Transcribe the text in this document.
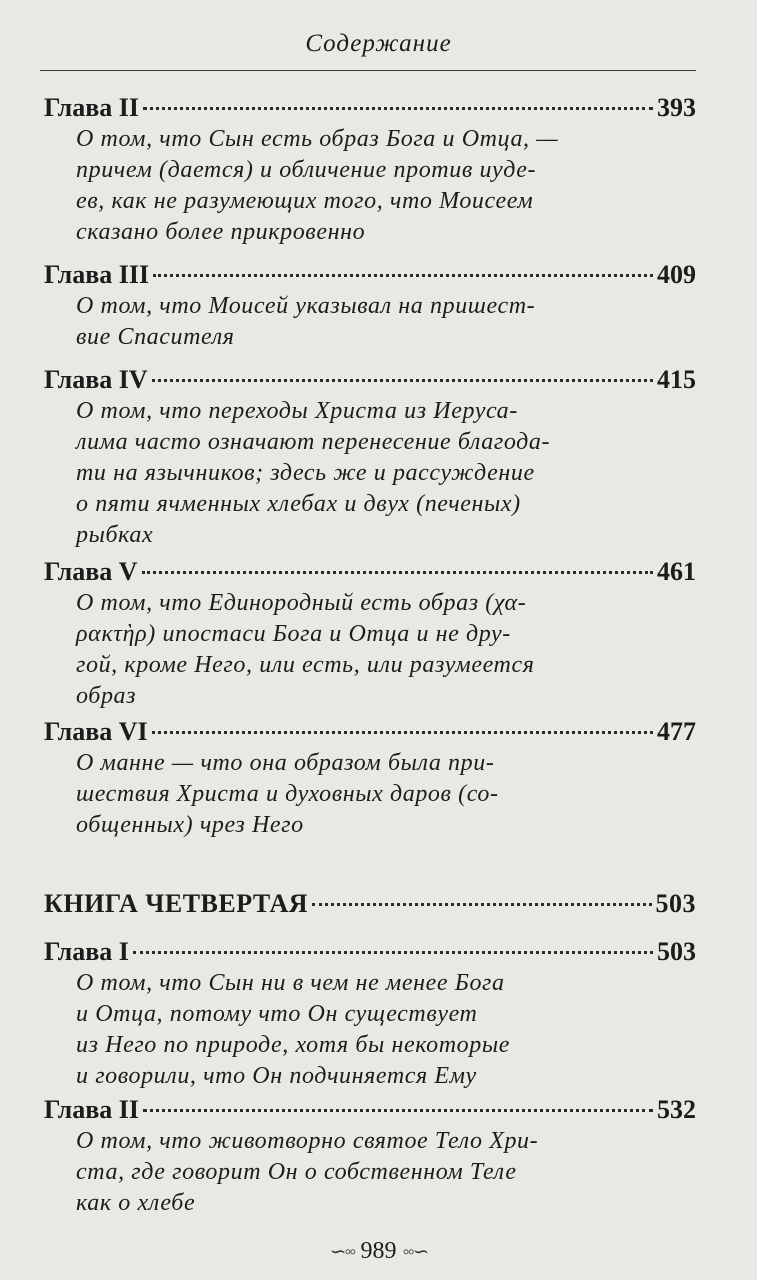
Содержание
Глава II	393
О том, что Сын есть образ Бога и Отца, —
причем (дается) и обличение против иуде-
ев, как не разумеющих того, что Моисеем
сказано более прикровенно
Глава III	409
О том, что Моисей указывал на пришест-
вие Спасителя
Глава IV	415
О том, что переходы Христа из Иеруса-
лима часто означают перенесение благода-
ти на язычников; здесь же и рассуждение
о пяти ячменных хлебах и двух (печеных)
рыбках
Глава V	461
О том, что Единородный есть образ (χα-
ρακτὴρ) ипостаси Бога и Отца и не дру-
гой, кроме Него, или есть, или разумеется
образ
Глава VI	477
О манне — что она образом была при-
шествия Христа и духовных даров (со-
общенных) чрез Него
КНИГА ЧЕТВЕРТАЯ	503
Глава I	503
О том, что Сын ни в чем не менее Бога
и Отца, потому что Он существует
из Него по природе, хотя бы некоторые
и говорили, что Он подчиняется Ему
Глава II	532
О том, что животворно святое Тело Хри-
ста, где говорит Он о собственном Теле
как о хлебе
∽◦◦ 989 ◦◦∽
